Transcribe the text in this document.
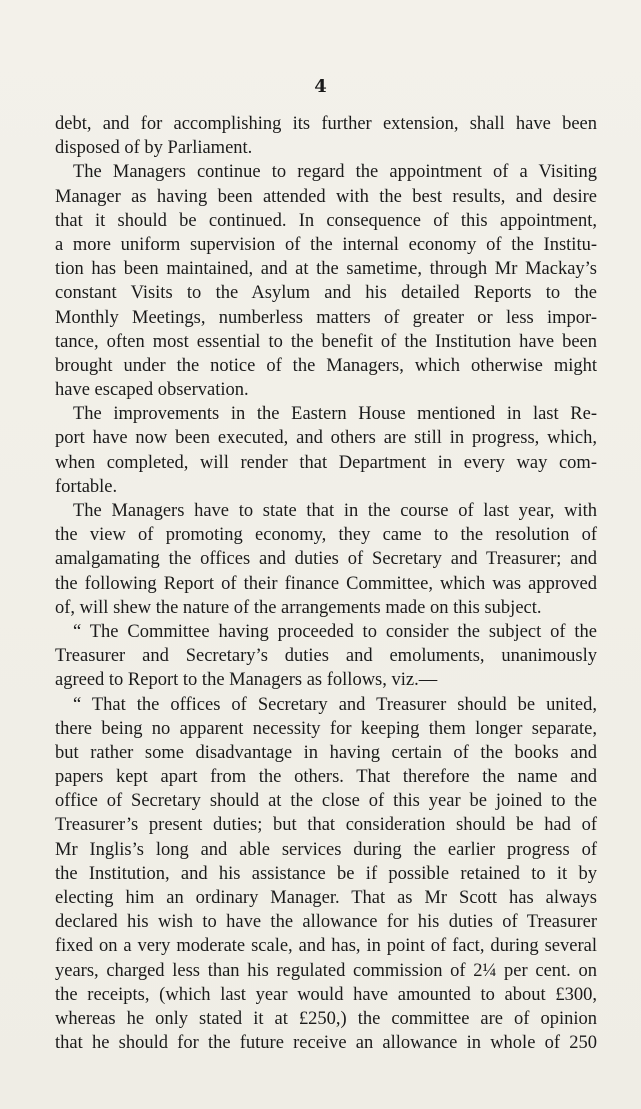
4
debt, and for accomplishing its further extension, shall have been
disposed of by Parliament.
The Managers continue to regard the appointment of a Visiting
Manager as having been attended with the best results, and desire
that it should be continued. In consequence of this appointment,
a more uniform supervision of the internal economy of the Institu-
tion has been maintained, and at the sametime, through Mr Mackay’s
constant Visits to the Asylum and his detailed Reports to the
Monthly Meetings, numberless matters of greater or less impor-
tance, often most essential to the benefit of the Institution have been
brought under the notice of the Managers, which otherwise might
have escaped observation.
The improvements in the Eastern House mentioned in last Re-
port have now been executed, and others are still in progress, which,
when completed, will render that Department in every way com-
fortable.
The Managers have to state that in the course of last year, with
the view of promoting economy, they came to the resolution of
amalgamating the offices and duties of Secretary and Treasurer; and
the following Report of their finance Committee, which was approved
of, will shew the nature of the arrangements made on this subject.
“ The Committee having proceeded to consider the subject of the
Treasurer and Secretary’s duties and emoluments, unanimously
agreed to Report to the Managers as follows, viz.—
“ That the offices of Secretary and Treasurer should be united,
there being no apparent necessity for keeping them longer separate,
but rather some disadvantage in having certain of the books and
papers kept apart from the others. That therefore the name and
office of Secretary should at the close of this year be joined to the
Treasurer’s present duties; but that consideration should be had of
Mr Inglis’s long and able services during the earlier progress of
the Institution, and his assistance be if possible retained to it by
electing him an ordinary Manager. That as Mr Scott has always
declared his wish to have the allowance for his duties of Treasurer
fixed on a very moderate scale, and has, in point of fact, during several
years, charged less than his regulated commission of 2¼ per cent. on
the receipts, (which last year would have amounted to about £300,
whereas he only stated it at £250,) the committee are of opinion
that he should for the future receive an allowance in whole of 250
